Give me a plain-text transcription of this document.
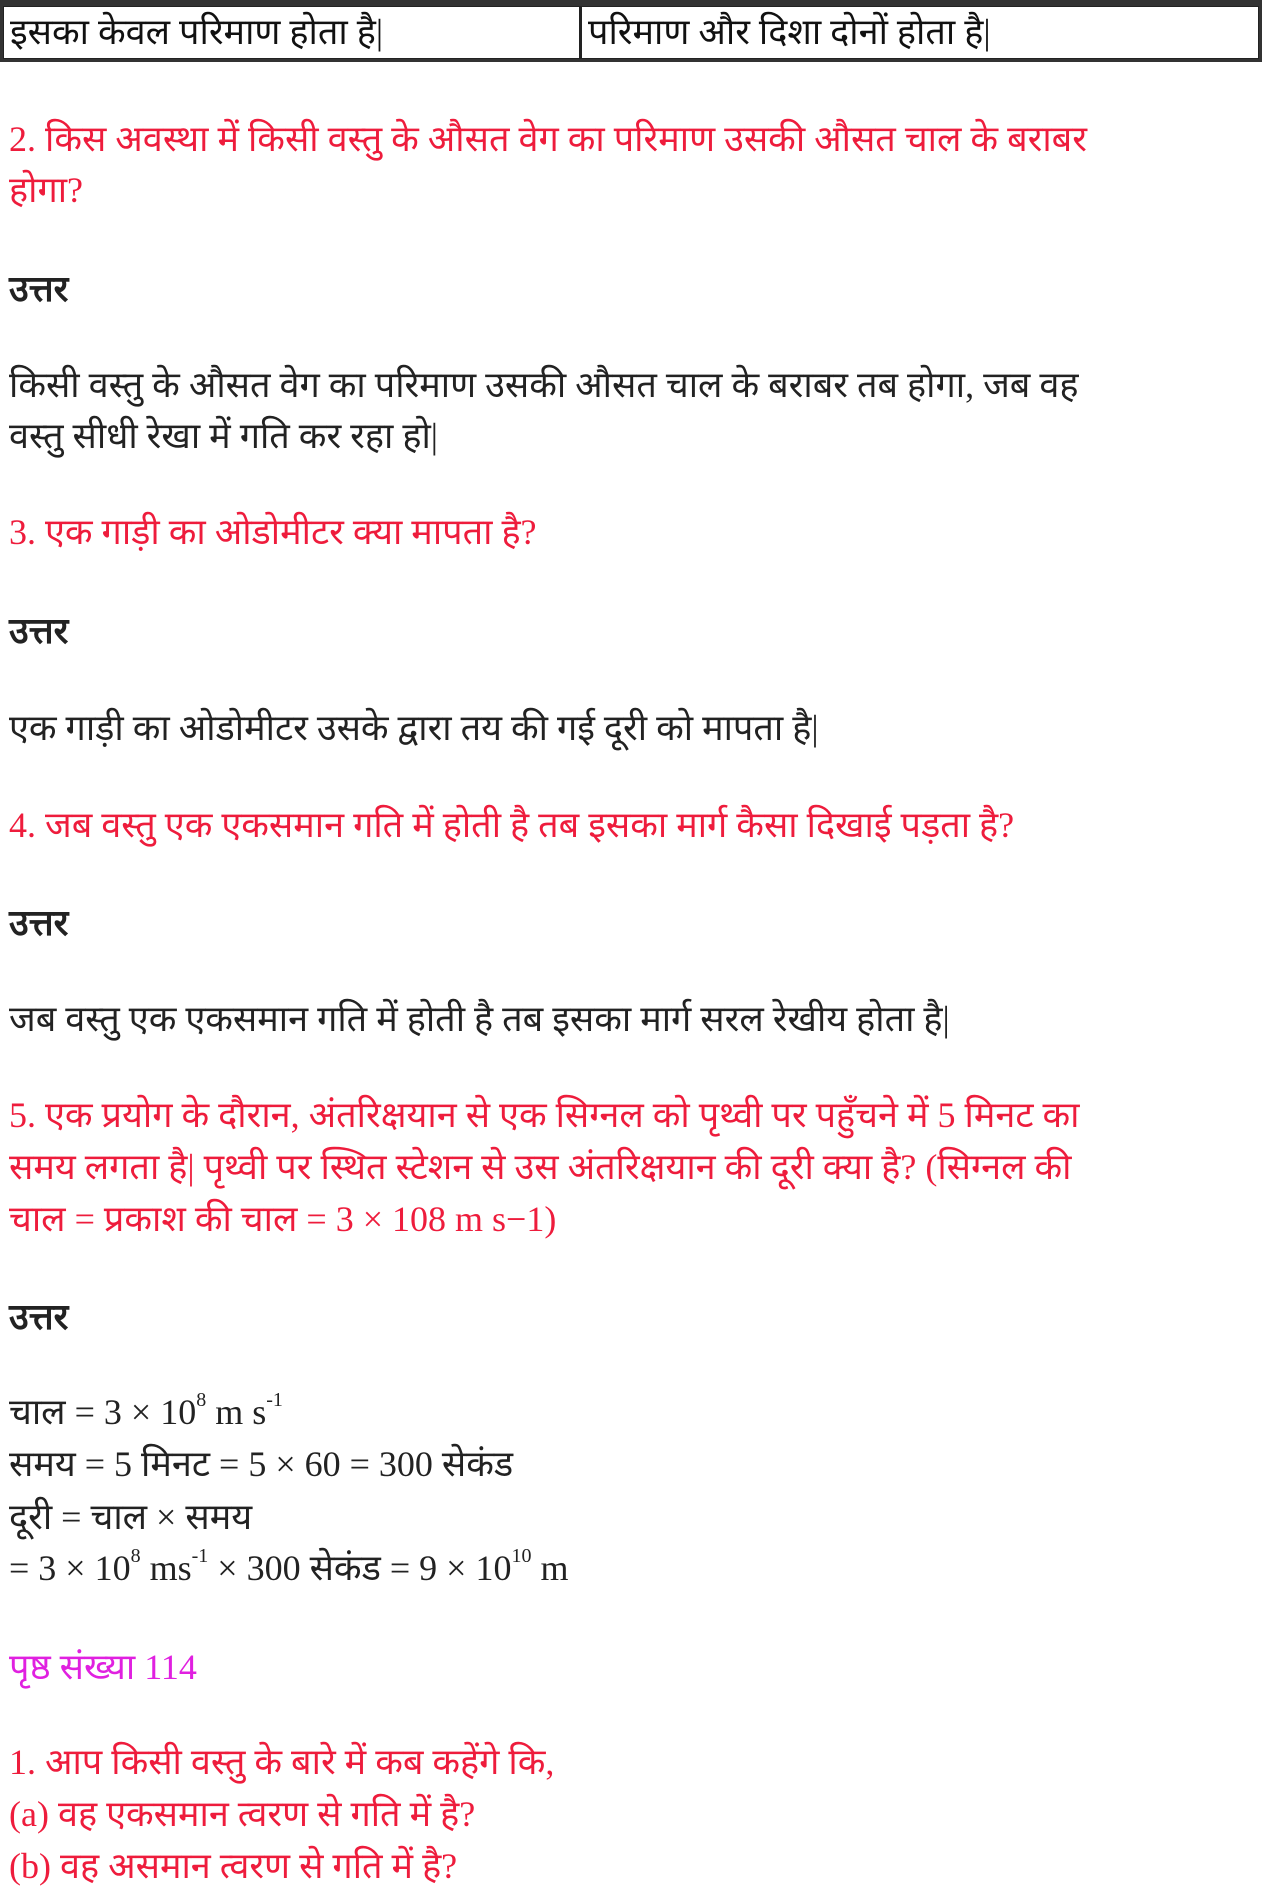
इसका केवल परिमाण होता है|	परिमाण और दिशा दोनों होता है|
2. किस अवस्था में किसी वस्तु के औसत वेग का परिमाण उसकी औसत चाल के बराबर
होगा?
उत्तर
किसी वस्तु के औसत वेग का परिमाण उसकी औसत चाल के बराबर तब होगा, जब वह
वस्तु सीधी रेखा में गति कर रहा हो|
3. एक गाड़ी का ओडोमीटर क्या मापता है?
उत्तर
एक गाड़ी का ओडोमीटर उसके द्वारा तय की गई दूरी को मापता है|
4. जब वस्तु एक एकसमान गति में होती है तब इसका मार्ग कैसा दिखाई पड़ता है?
उत्तर
जब वस्तु एक एकसमान गति में होती है तब इसका मार्ग सरल रेखीय होता है|
5. एक प्रयोग के दौरान, अंतरिक्षयान से एक सिग्नल को पृथ्वी पर पहुँचने में 5 मिनट का
समय लगता है| पृथ्वी पर स्थित स्टेशन से उस अंतरिक्षयान की दूरी क्या है? (सिग्नल की
चाल = प्रकाश की चाल = 3 × 108 m s−1)
उत्तर
चाल = $3 \times 10^8$ m $s^{-1}$
समय = 5 मिनट = 5 × 60 = 300 सेकंड
दूरी = चाल × समय
= $3 \times 10^8$ $ms^{-1} \times 300$ सेकंड = $9 \times 10^{10}$ m
पृष्ठ संख्या 114
1. आप किसी वस्तु के बारे में कब कहेंगे कि,
(a) वह एकसमान त्वरण से गति में है?
(b) वह असमान त्वरण से गति में है?
